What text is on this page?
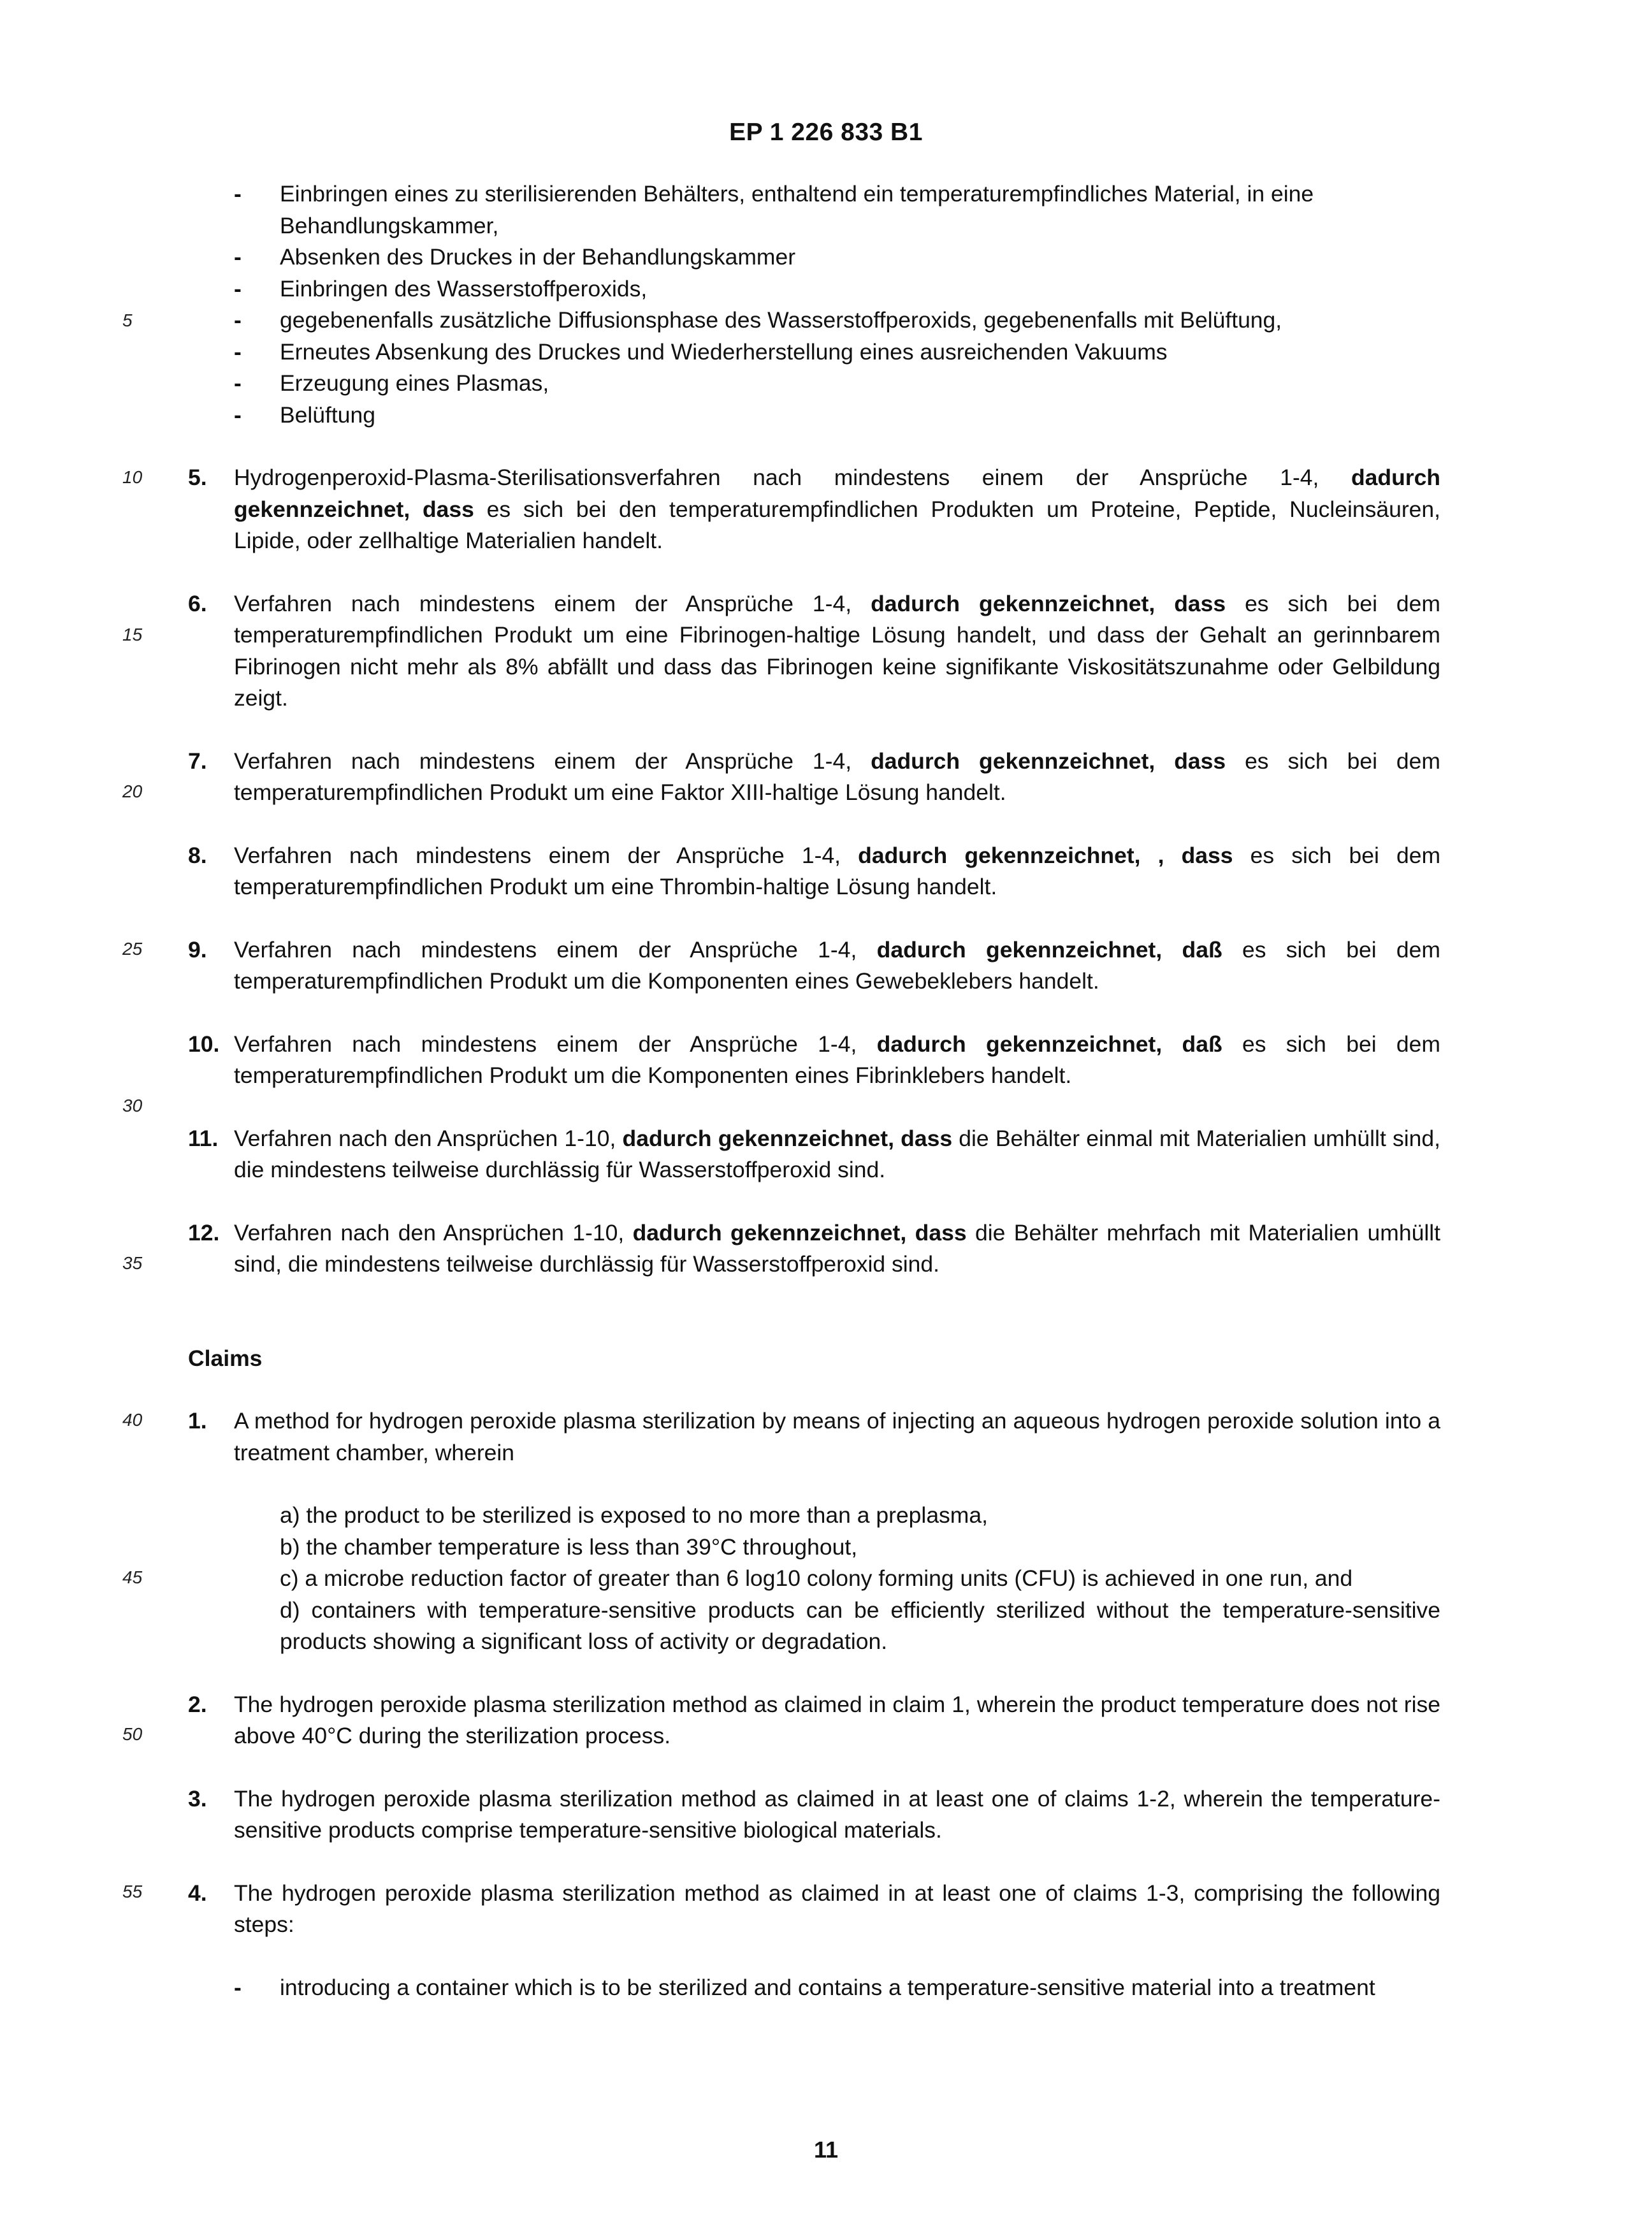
EP 1 226 833 B1
5
10
15
20
25
30
35
40
45
50
55
- Einbringen eines zu sterilisierenden Behälters, enthaltend ein temperaturempfindliches Material, in eine Behandlungskammer,
- Absenken des Druckes in der Behandlungskammer
- Einbringen des Wasserstoffperoxids,
- gegebenenfalls zusätzliche Diffusionsphase des Wasserstoffperoxids, gegebenenfalls mit Belüftung,
- Erneutes Absenkung des Druckes und Wiederherstellung eines ausreichenden Vakuums
- Erzeugung eines Plasmas,
- Belüftung
5. Hydrogenperoxid-Plasma-Sterilisationsverfahren nach mindestens einem der Ansprüche 1-4, dadurch gekennzeichnet, dass es sich bei den temperaturempfindlichen Produkten um Proteine, Peptide, Nucleinsäuren, Lipide, oder zellhaltige Materialien handelt.
6. Verfahren nach mindestens einem der Ansprüche 1-4, dadurch gekennzeichnet, dass es sich bei dem temperaturempfindlichen Produkt um eine Fibrinogen-haltige Lösung handelt, und dass der Gehalt an gerinnbarem Fibrinogen nicht mehr als 8% abfällt und dass das Fibrinogen keine signifikante Viskositätszunahme oder Gelbildung zeigt.
7. Verfahren nach mindestens einem der Ansprüche 1-4, dadurch gekennzeichnet, dass es sich bei dem temperaturempfindlichen Produkt um eine Faktor XIII-haltige Lösung handelt.
8. Verfahren nach mindestens einem der Ansprüche 1-4, dadurch gekennzeichnet, , dass es sich bei dem temperaturempfindlichen Produkt um eine Thrombin-haltige Lösung handelt.
9. Verfahren nach mindestens einem der Ansprüche 1-4, dadurch gekennzeichnet, daß es sich bei dem temperaturempfindlichen Produkt um die Komponenten eines Gewebeklebers handelt.
10. Verfahren nach mindestens einem der Ansprüche 1-4, dadurch gekennzeichnet, daß es sich bei dem temperaturempfindlichen Produkt um die Komponenten eines Fibrinklebers handelt.
11. Verfahren nach den Ansprüchen 1-10, dadurch gekennzeichnet, dass die Behälter einmal mit Materialien umhüllt sind, die mindestens teilweise durchlässig für Wasserstoffperoxid sind.
12. Verfahren nach den Ansprüchen 1-10, dadurch gekennzeichnet, dass die Behälter mehrfach mit Materialien umhüllt sind, die mindestens teilweise durchlässig für Wasserstoffperoxid sind.
Claims
1. A method for hydrogen peroxide plasma sterilization by means of injecting an aqueous hydrogen peroxide solution into a treatment chamber, wherein
a) the product to be sterilized is exposed to no more than a preplasma,
b) the chamber temperature is less than 39°C throughout,
c) a microbe reduction factor of greater than 6 log10 colony forming units (CFU) is achieved in one run, and
d) containers with temperature-sensitive products can be efficiently sterilized without the temperature-sensitive products showing a significant loss of activity or degradation.
2. The hydrogen peroxide plasma sterilization method as claimed in claim 1, wherein the product temperature does not rise above 40°C during the sterilization process.
3. The hydrogen peroxide plasma sterilization method as claimed in at least one of claims 1-2, wherein the temperature-sensitive products comprise temperature-sensitive biological materials.
4. The hydrogen peroxide plasma sterilization method as claimed in at least one of claims 1-3, comprising the following steps:
- introducing a container which is to be sterilized and contains a temperature-sensitive material into a treatment
11
